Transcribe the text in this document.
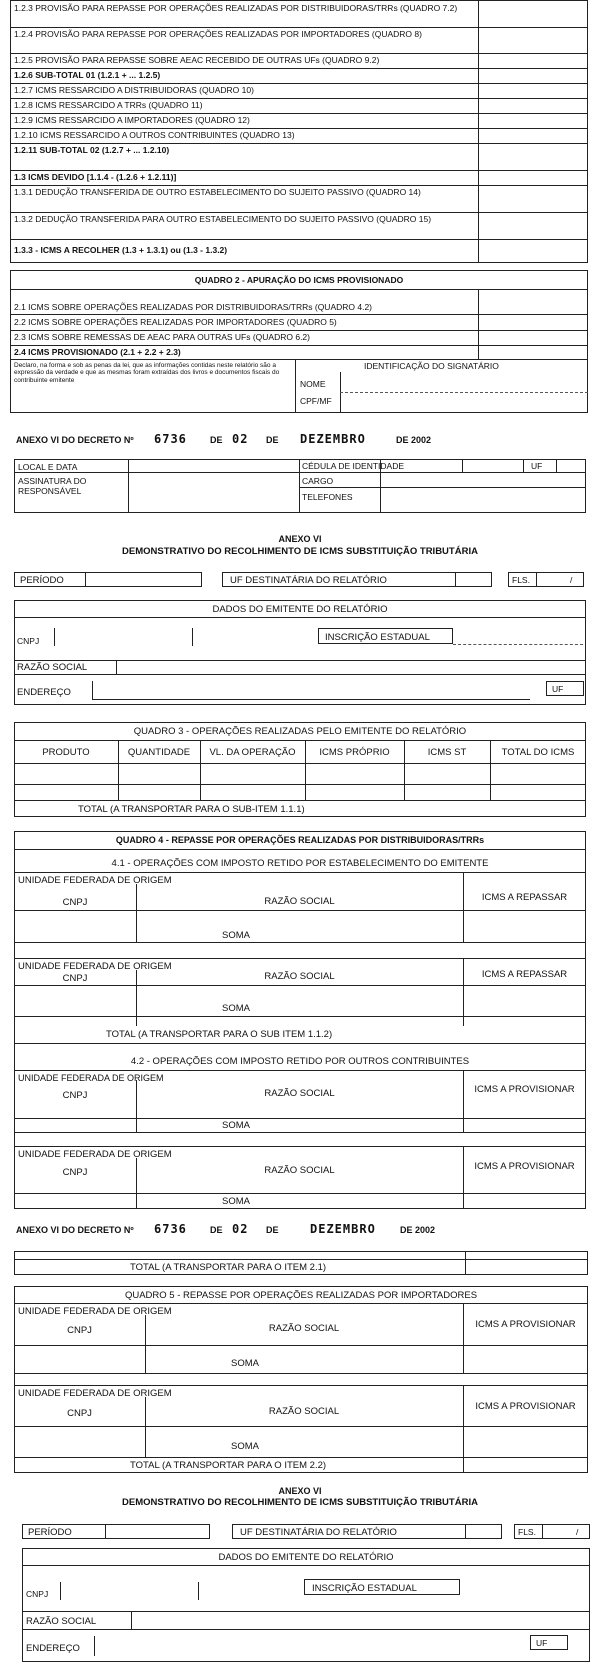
1.2.3 PROVISÃO PARA REPASSE POR OPERAÇÕES REALIZADAS POR DISTRIBUIDORAS/TRRs (QUADRO 7.2)
1.2.4 PROVISÃO PARA REPASSE POR OPERAÇÕES REALIZADAS POR IMPORTADORES (QUADRO 8)
1.2.5 PROVISÃO PARA REPASSE SOBRE AEAC RECEBIDO DE OUTRAS UFs (QUADRO 9.2)
1.2.6 SUB-TOTAL 01 (1.2.1 + ... 1.2.5)
1.2.7 ICMS RESSARCIDO A DISTRIBUIDORAS (QUADRO 10)
1.2.8 ICMS RESSARCIDO A TRRs (QUADRO 11)
1.2.9 ICMS RESSARCIDO A IMPORTADORES (QUADRO 12)
1.2.10 ICMS RESSARCIDO A OUTROS CONTRIBUINTES (QUADRO 13)
1.2.11 SUB-TOTAL 02 (1.2.7 + ... 1.2.10)
1.3 ICMS DEVIDO [1.1.4 - (1.2.6 + 1.2.11)]
1.3.1 DEDUÇÃO TRANSFERIDA DE OUTRO ESTABELECIMENTO DO SUJEITO PASSIVO (QUADRO 14)
1.3.2 DEDUÇÃO TRANSFERIDA PARA OUTRO ESTABELECIMENTO DO SUJEITO PASSIVO (QUADRO 15)
1.3.3 - ICMS A RECOLHER (1.3 + 1.3.1) ou (1.3 - 1.3.2)
QUADRO 2 - APURAÇÃO DO ICMS PROVISIONADO
2.1 ICMS SOBRE OPERAÇÕES REALIZADAS POR DISTRIBUIDORAS/TRRs (QUADRO 4.2)
2.2 ICMS SOBRE OPERAÇÕES REALIZADAS POR IMPORTADORES (QUADRO 5)
2.3 ICMS SOBRE REMESSAS DE AEAC PARA OUTRAS UFs (QUADRO 6.2)
2.4 ICMS PROVISIONADO (2.1 + 2.2 + 2.3)
Declaro, na forma e sob as penas da lei, que as informações contidas neste relatório são a expressão da verdade e que as mesmas foram extraídas dos livros e documentos fiscais do contribuinte emitente
IDENTIFICAÇÃO DO SIGNATÁRIO
NOME
CPF/MF
ANEXO VI DO DECRETO Nº 6736	DE 02 DE DEZEMBRO	DE 2002
LOCAL E DATA
ASSINATURA DO RESPONSÁVEL
CÉDULA DE IDENTIDADE	UF
CARGO
TELEFONES
ANEXO VI
DEMONSTRATIVO DO RECOLHIMENTO DE ICMS SUBSTITUIÇÃO TRIBUTÁRIA
PERÍODO	UF DESTINATÁRIA DO RELATÓRIO	FLS.	/
DADOS DO EMITENTE DO RELATÓRIO
CNPJ	INSCRIÇÃO ESTADUAL
RAZÃO SOCIAL
ENDEREÇO	UF
QUADRO 3 - OPERAÇÕES REALIZADAS PELO EMITENTE DO RELATÓRIO
PRODUTO	QUANTIDADE	VL. DA OPERAÇÃO	ICMS PRÓPRIO	ICMS ST	TOTAL DO ICMS
TOTAL (A TRANSPORTAR PARA O SUB-ITEM 1.1.1)
QUADRO 4 - REPASSE POR OPERAÇÕES REALIZADAS POR DISTRIBUIDORAS/TRRs
4.1 - OPERAÇÕES COM IMPOSTO RETIDO POR ESTABELECIMENTO DO EMITENTE
UNIDADE FEDERADA DE ORIGEM
CNPJ	RAZÃO SOCIAL	ICMS A REPASSAR
SOMA
UNIDADE FEDERADA DE ORIGEM
CNPJ	RAZÃO SOCIAL	ICMS A REPASSAR
SOMA
TOTAL (A TRANSPORTAR PARA O SUB ITEM 1.1.2)
4.2 - OPERAÇÕES COM IMPOSTO RETIDO POR OUTROS CONTRIBUINTES
UNIDADE FEDERADA DE ORIGEM
CNPJ	RAZÃO SOCIAL	ICMS A PROVISIONAR
SOMA
UNIDADE FEDERADA DE ORIGEM
CNPJ	RAZÃO SOCIAL	ICMS A PROVISIONAR
SOMA
ANEXO VI DO DECRETO Nº 6736	DE 02 DE	DEZEMBRO	DE 2002
TOTAL (A TRANSPORTAR PARA O ITEM 2.1)
QUADRO 5 - REPASSE POR OPERAÇÕES REALIZADAS POR IMPORTADORES
UNIDADE FEDERADA DE ORIGEM
CNPJ	RAZÃO SOCIAL	ICMS A PROVISIONAR
SOMA
UNIDADE FEDERADA DE ORIGEM
CNPJ	RAZÃO SOCIAL	ICMS A PROVISIONAR
SOMA
TOTAL (A TRANSPORTAR PARA O ITEM 2.2)
ANEXO VI
DEMONSTRATIVO DO RECOLHIMENTO DE ICMS SUBSTITUIÇÃO TRIBUTÁRIA
PERÍODO	UF DESTINATÁRIA DO RELATÓRIO	FLS.	/
DADOS DO EMITENTE DO RELATÓRIO
CNPJ	INSCRIÇÃO ESTADUAL
RAZÃO SOCIAL
ENDEREÇO	UF
